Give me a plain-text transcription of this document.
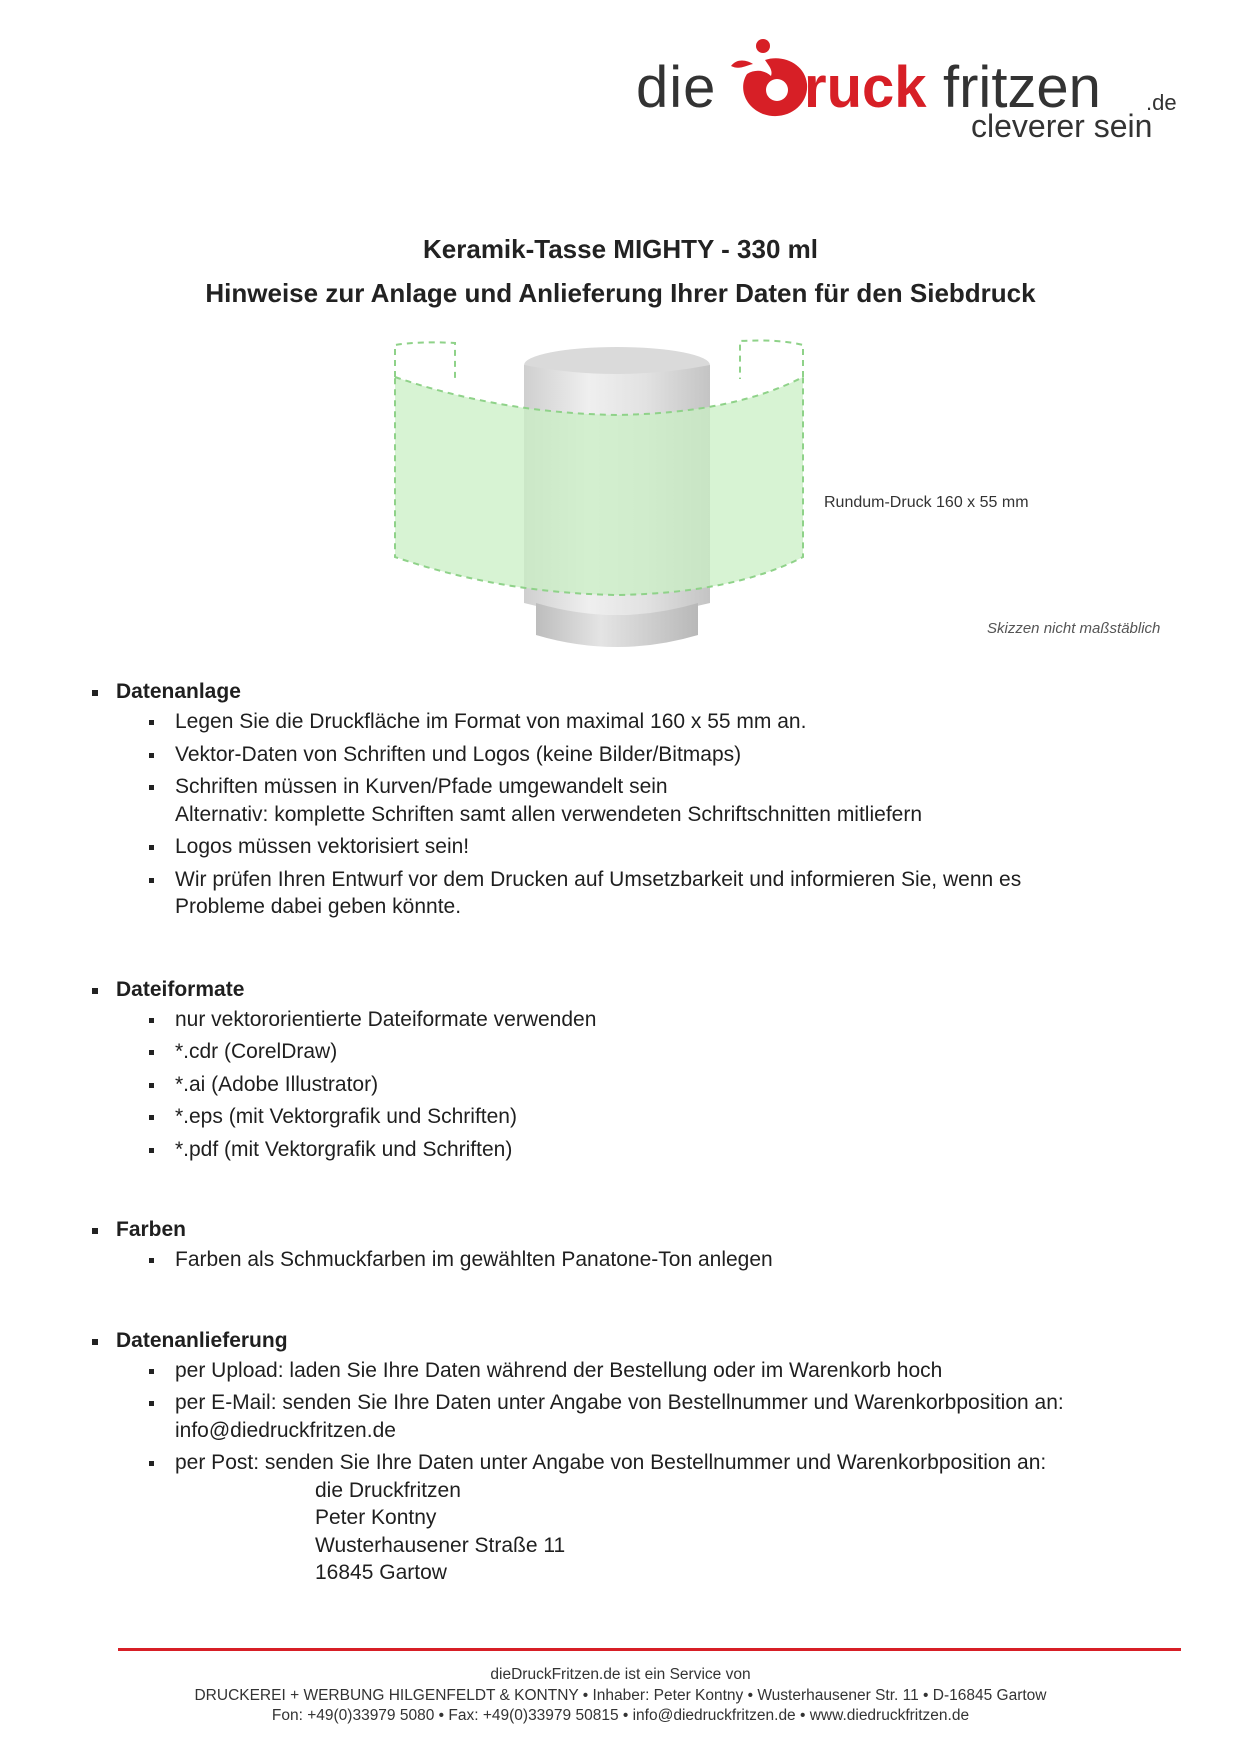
die ruck fritzen .de
cleverer sein
Keramik-Tasse MIGHTY - 330 ml
Hinweise zur Anlage und Anlieferung Ihrer Daten für den Siebdruck
Rundum-Druck 160 x 55 mm
Skizzen nicht maßstäblich
Datenanlage
Legen Sie die Druckfläche im Format von maximal 160 x 55 mm an.
Vektor-Daten von Schriften und Logos (keine Bilder/Bitmaps)
Schriften müssen in Kurven/Pfade umgewandelt sein
Alternativ: komplette Schriften samt allen verwendeten Schriftschnitten mitliefern
Logos müssen vektorisiert sein!
Wir prüfen Ihren Entwurf vor dem Drucken auf Umsetzbarkeit und informieren Sie, wenn es
Probleme dabei geben könnte.
Dateiformate
nur vektororientierte Dateiformate verwenden
*.cdr (CorelDraw)
*.ai (Adobe Illustrator)
*.eps (mit Vektorgrafik und Schriften)
*.pdf (mit Vektorgrafik und Schriften)
Farben
Farben als Schmuckfarben im gewählten Panatone-Ton anlegen
Datenanlieferung
per Upload: laden Sie Ihre Daten während der Bestellung oder im Warenkorb hoch
per E-Mail: senden Sie Ihre Daten unter Angabe von Bestellnummer und Warenkorbposition an:
info@diedruckfritzen.de
per Post: senden Sie Ihre Daten unter Angabe von Bestellnummer und Warenkorbposition an:
die Druckfritzen
Peter Kontny
Wusterhausener Straße 11
16845 Gartow
dieDruckFritzen.de ist ein Service von
DRUCKEREI + WERBUNG HILGENFELDT & KONTNY • Inhaber: Peter Kontny • Wusterhausener Str. 11 • D-16845 Gartow
Fon: +49(0)33979 5080 • Fax: +49(0)33979 50815 • info@diedruckfritzen.de • www.diedruckfritzen.de
